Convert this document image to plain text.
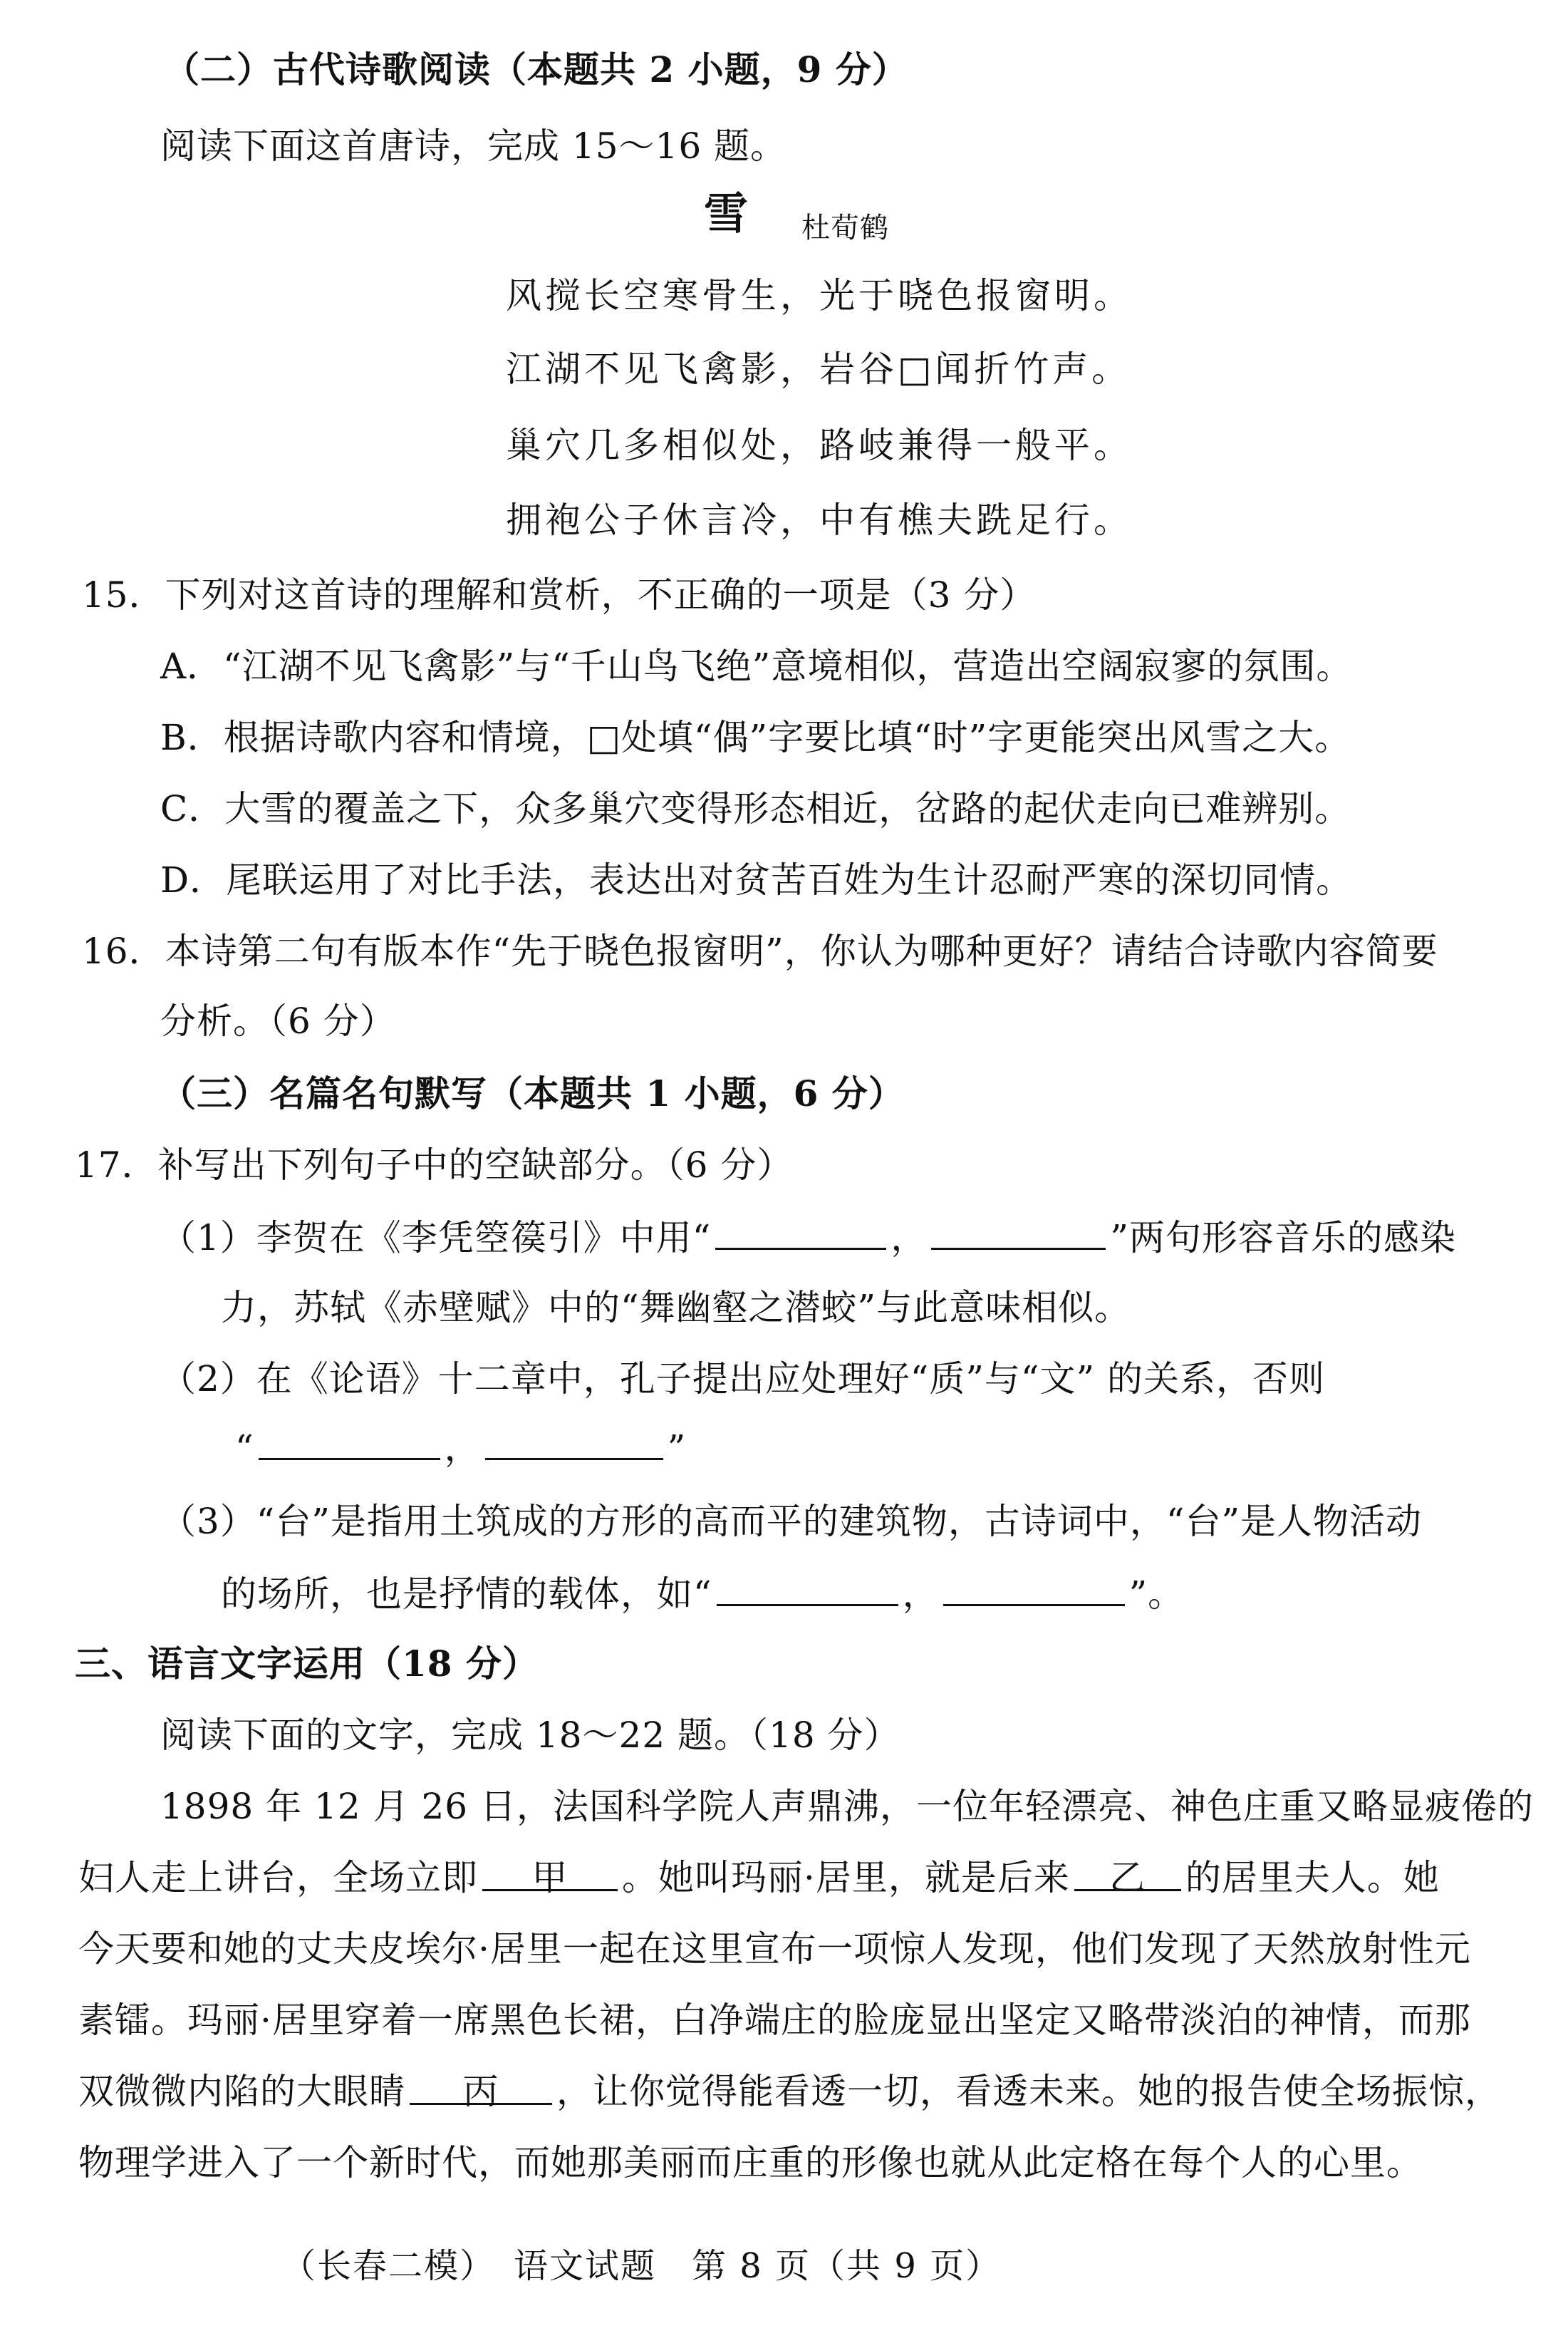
（二）古代诗歌阅读（本题共 2 小题，9 分）
阅读下面这首唐诗，完成 15～16 题。
雪 杜荀鹤
风搅长空寒骨生，光于晓色报窗明。
江湖不见飞禽影，岩谷□闻折竹声。
巢穴几多相似处，路岐兼得一般平。
拥袍公子休言冷，中有樵夫跣足行。
15．下列对这首诗的理解和赏析，不正确的一项是（3 分）
A．“江湖不见飞禽影”与“千山鸟飞绝”意境相似，营造出空阔寂寥的氛围。
B．根据诗歌内容和情境，□处填“偶”字要比填“时”字更能突出风雪之大。
C．大雪的覆盖之下，众多巢穴变得形态相近，岔路的起伏走向已难辨别。
D．尾联运用了对比手法，表达出对贫苦百姓为生计忍耐严寒的深切同情。
16．本诗第二句有版本作“先于晓色报窗明”，你认为哪种更好？请结合诗歌内容简要
分析。（6 分）
（三）名篇名句默写（本题共 1 小题，6 分）
17．补写出下列句子中的空缺部分。（6 分）
（1）李贺在《李凭箜篌引》中用“	，	”两句形容音乐的感染
力，苏轼《赤壁赋》中的“舞幽壑之潜蛟”与此意味相似。
（2）在《论语》十二章中，孔子提出应处理好“质”与“文” 的关系，否则
“	，	”
（3）“台”是指用土筑成的方形的高而平的建筑物，古诗词中，“台”是人物活动
的场所，也是抒情的载体，如“	，	”。
三、语言文字运用（18 分）
阅读下面的文字，完成 18～22 题。（18 分）
1898 年 12 月 26 日，法国科学院人声鼎沸，一位年轻漂亮、神色庄重又略显疲倦的
妇人走上讲台，全场立即 甲 。她叫玛丽·居里，就是后来 乙 的居里夫人。她
今天要和她的丈夫皮埃尔·居里一起在这里宣布一项惊人发现，他们发现了天然放射性元
素镭。玛丽·居里穿着一席黑色长裙，白净端庄的脸庞显出坚定又略带淡泊的神情，而那
双微微内陷的大眼睛 丙 ，让你觉得能看透一切，看透未来。她的报告使全场振惊，
物理学进入了一个新时代，而她那美丽而庄重的形像也就从此定格在每个人的心里。
（长春二模）　语文试题　第 8 页（共 9 页）
